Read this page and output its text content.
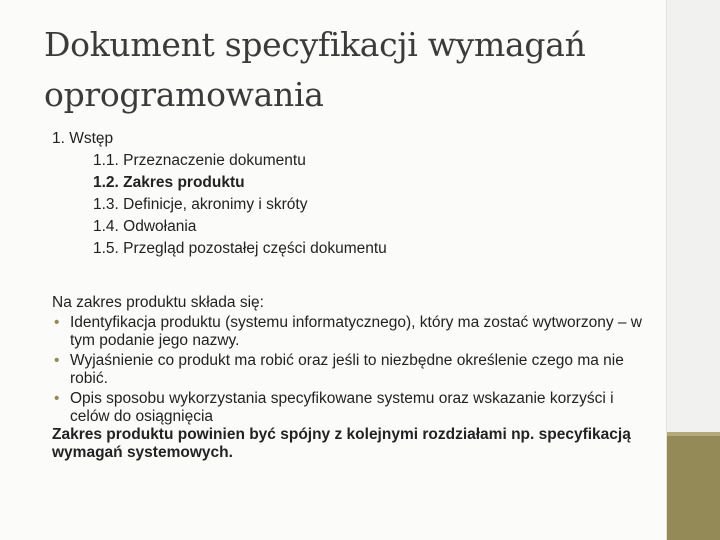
Dokument specyfikacji wymagań
oprogramowania
1. Wstęp
1.1. Przeznaczenie dokumentu
1.2. Zakres produktu
1.3. Definicje, akronimy i skróty
1.4. Odwołania
1.5. Przegląd pozostałej części dokumentu

Na zakres produktu składa się:

• Identyfikacja produktu (systemu informatycznego), który ma zostać wytworzony – w tym podanie jego nazwy.
• Wyjaśnienie co produkt ma robić oraz jeśli to niezbędne określenie czego ma nie robić.
• Opis sposobu wykorzystania specyfikowane systemu oraz wskazanie korzyści i celów do osiągnięcia

Zakres produktu powinien być spójny z kolejnymi rozdziałami np. specyfikacją wymagań systemowych.
